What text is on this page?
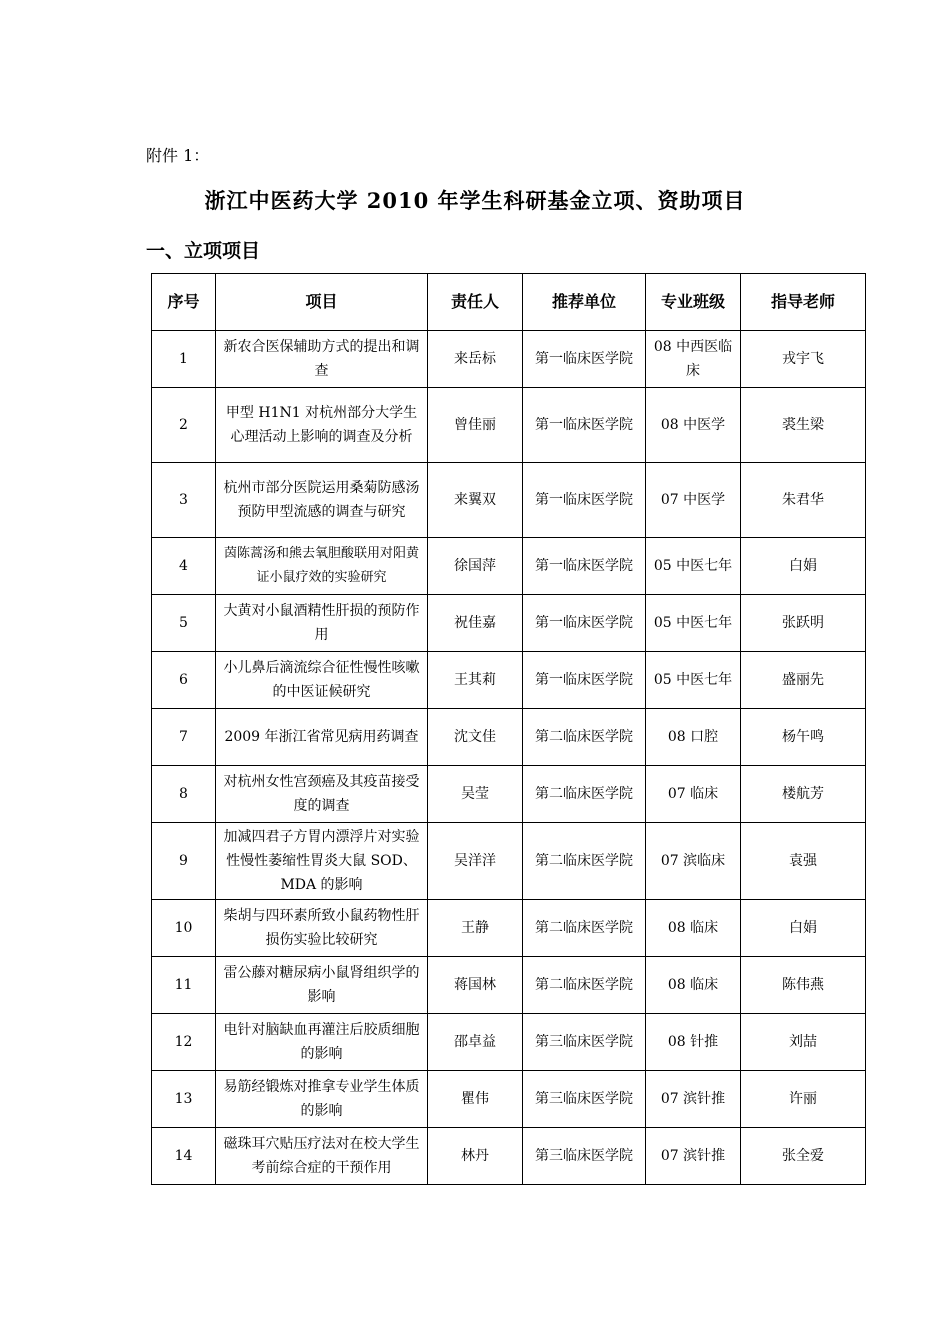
附件 1：
浙江中医药大学 2010 年学生科研基金立项、资助项目
一、立项项目
序号	项目	责任人	推荐单位	专业班级	指导老师
1	新农合医保辅助方式的提出和调查	来岳标	第一临床医学院	08 中西医临床	戎宇飞
2	甲型 H1N1 对杭州部分大学生心理活动上影响的调查及分析	曾佳丽	第一临床医学院	08 中医学	裘生梁
3	杭州市部分医院运用桑菊防感汤预防甲型流感的调查与研究	来翼双	第一临床医学院	07 中医学	朱君华
4	茵陈蒿汤和熊去氧胆酸联用对阳黄证小鼠疗效的实验研究	徐国萍	第一临床医学院	05 中医七年	白娟
5	大黄对小鼠酒精性肝损的预防作用	祝佳嘉	第一临床医学院	05 中医七年	张跃明
6	小儿鼻后滴流综合征性慢性咳嗽的中医证候研究	王其莉	第一临床医学院	05 中医七年	盛丽先
7	2009 年浙江省常见病用药调查	沈文佳	第二临床医学院	08 口腔	杨午鸣
8	对杭州女性宫颈癌及其疫苗接受度的调查	吴莹	第二临床医学院	07 临床	楼航芳
9	加减四君子方胃内漂浮片对实验性慢性萎缩性胃炎大鼠 SOD、MDA 的影响	吴洋洋	第二临床医学院	07 滨临床	袁强
10	柴胡与四环素所致小鼠药物性肝损伤实验比较研究	王静	第二临床医学院	08 临床	白娟
11	雷公藤对糖尿病小鼠肾组织学的影响	蒋国林	第二临床医学院	08 临床	陈伟燕
12	电针对脑缺血再灌注后胶质细胞的影响	邵卓益	第三临床医学院	08 针推	刘喆
13	易筋经锻炼对推拿专业学生体质的影响	瞿伟	第三临床医学院	07 滨针推	许丽
14	磁珠耳穴贴压疗法对在校大学生考前综合症的干预作用	林丹	第三临床医学院	07 滨针推	张全爱
